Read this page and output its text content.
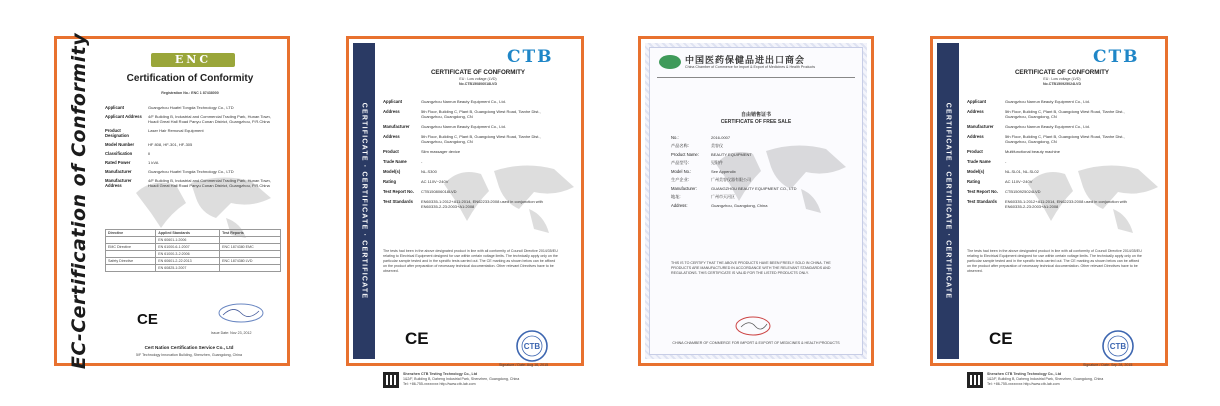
EC-Certification of Conformity	ENC
Certification of Conformity
Registration No.: ENC 1 87438000
Applicant	Guangzhou Huafei Tongda Technology Co., LTD
Applicant Address	4/F Building B, Industrial and Commercial Trading Park, Hunan Town, Huadi Great Hall Road Panyu Conan District, Guangzhou, P.R.China
Product Designation
Laser Hair Removal Equipment
Model Number	HF 808, HF-301, HF-305
Classification	II
Rated Power	1 kVA
Manufacturer	Guangzhou Huafei Tongda Technology Co., LTD
Manufacturer Address
4/F Building B, Industrial and Commercial Trading Park, Hunan Town, Huadi Great Hall Road Panyu Conan District, Guangzhou, P.R.China
Directive	Applied Standards	Test Reports
	EN 60601-1:2006	
EMC Directive	EN 61000-6-1:2007	ENC 1874380 EMC
	EN 61000-3-2:2006	
Safety Directive	EN 60601-2-22:2013	ENC 1874380 LVD
	EN 60825-1:2007	
CE
Issue Date: Nov 23, 2012
Cert Nation Certification Service Co., Ltd
5/F Technology Innovation Building, Shenzhen, Guangdong, China
CERTIFICATE · CERTIFICATE · CERTIFICATE
CTB
CERTIFICATE OF CONFORMITY
EU : Low voltage (LVD)
No.CTB150806018LVD
Applicant	Guangzhou Nanrun Beauty Equipment Co., Ltd.
Address	5th Floor, Building C, Plant B, Guangdong West Road, Tianhe Dist., Guangzhou, Guangdong, CN
Manufacturer	Guangzhou Nanrun Beauty Equipment Co., Ltd.
Address	5th Floor, Building C, Plant B, Guangdong West Road, Tianhe Dist., Guangzhou, Guangdong, CN
Product	Slim massager device
Trade Name	-
Model(s)	NL-S300
Rating	AC 110V~240V
Test Report No. CTB150806018LVD
Test Standards	EN60335-1:2012+A11:2014, EN62233:2008 used in conjunction with EN60335-2-23:2003+A1:2008
The tests had been in the above designated product in line with all conformity of Council Directive 2014/35/EU relating to Electrical Equipment designed for use within certain voltage limits. The technically apply only on the particular sample tested and in the specific tests carried out. The CE marking as shown below can be affixed on the product after preparation of necessary technical documentation. Other relevant Directives have to be observed.
CE	CTB
Signature / Date: Aug 16, 2015
Shenzhen CTB Testing Technology Co., Ltd
1&2/F, Building B, Daheng Industrial Park, Shenzhen, Guangdong, China
Tel: +86-755-xxxxxxxx http://www.ctb-lab.com
中国医药保健品进出口商会
China Chamber of Commerce for Import & Export of Medicines & Health Products
自由销售证书
CERTIFICATE OF FREE SALE
No.:	2016-0007
产品名称:	美容仪
Product Name:	BEAUTY EQUIPMENT
产品型号:	见附件
Model No.:	See Appendix
生产企业:	广州美容仪器有限公司
Manufacturer:	GUANGZHOU BEAUTY EQUIPMENT CO., LTD
地址:	广州市天河区
Address:	Guangzhou, Guangdong, China
THIS IS TO CERTIFY THAT THE ABOVE PRODUCTS HAVE BEEN FREELY SOLD IN CHINA. THE PRODUCTS ARE MANUFACTURED IN ACCORDANCE WITH THE RELEVANT STANDARDS AND REGULATIONS. THIS CERTIFICATE IS VALID FOR THE LISTED PRODUCTS ONLY.
CHINA CHAMBER OF COMMERCE FOR IMPORT & EXPORT OF MEDICINES & HEALTH PRODUCTS
CERTIFICATE · CERTIFICATE · CERTIFICATE
CTB
CERTIFICATE OF CONFORMITY
EU : Low voltage (LVD)
No.CTB150925024LVD
Applicant	Guangzhou Nanrun Beauty Equipment Co., Ltd.
Address	5th Floor, Building C, Plant B, Guangdong West Road, Tianhe Dist., Guangzhou, Guangdong, CN
Manufacturer	Guangzhou Nanrun Beauty Equipment Co., Ltd.
Address	5th Floor, Building C, Plant B, Guangdong West Road, Tianhe Dist., Guangzhou, Guangdong, CN
Product	Multifunctional beauty machine
Trade Name	-
Model(s)	NL-SL01, NL-SL02
Rating	AC 110V~240V
Test Report No. CTB150925024LVD
Test Standards	EN60335-1:2012+A11:2014, EN62233:2008 used in conjunction with EN60335-2-23:2003+A1:2008
The tests had been in the above designated product in line with all conformity of Council Directive 2014/35/EU relating to Electrical Equipment designed for use within certain voltage limits. The technically apply only on the particular sample tested and in the specific tests carried out. The CE marking as shown below can be affixed on the product after preparation of necessary technical documentation. Other relevant Directives have to be observed.
CE	CTB
Signature / Date: Sep 28, 2015
Shenzhen CTB Testing Technology Co., Ltd
1&2/F, Building B, Daheng Industrial Park, Shenzhen, Guangdong, China
Tel: +86-755-xxxxxxxx http://www.ctb-lab.com
